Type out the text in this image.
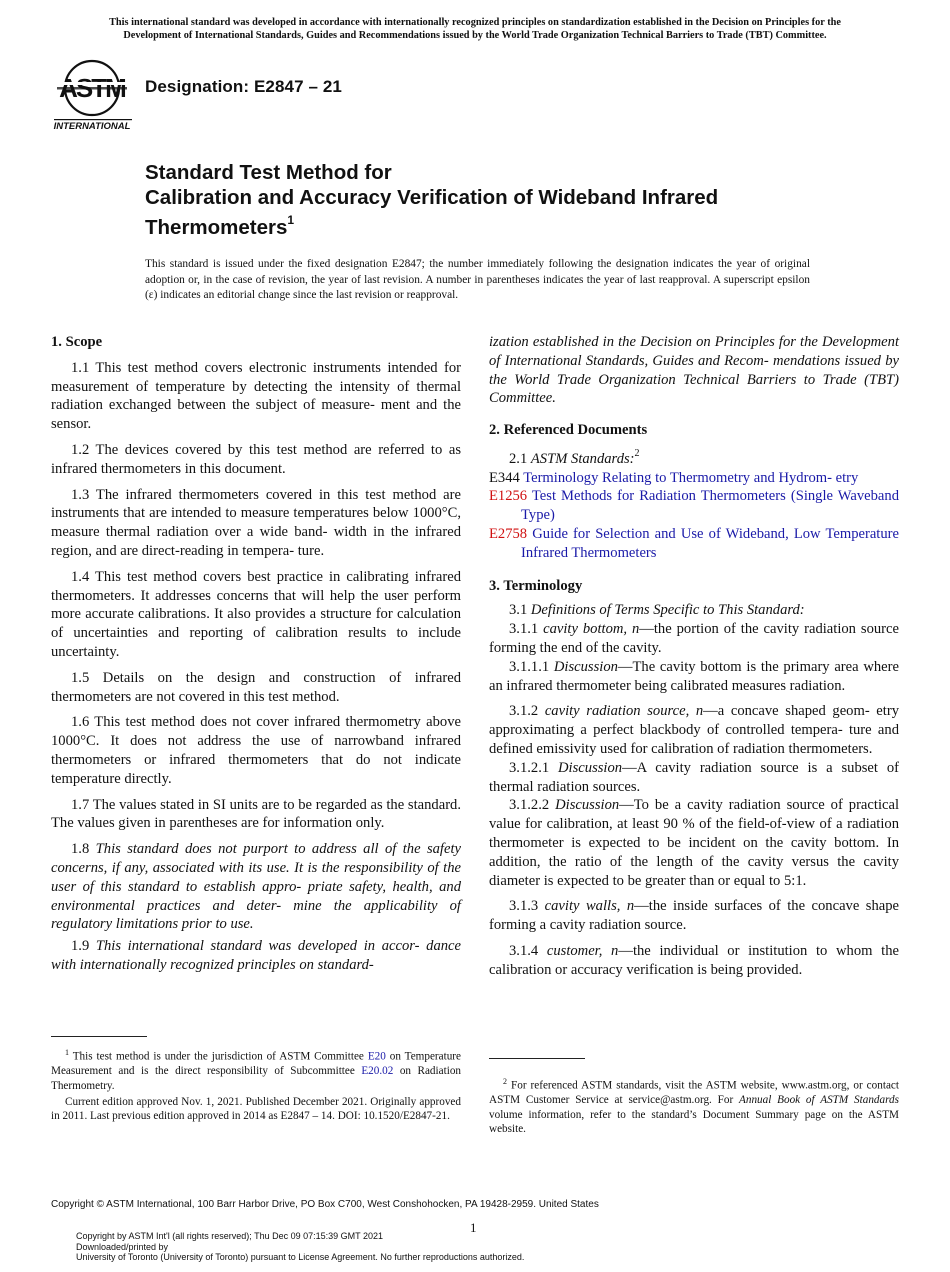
This international standard was developed in accordance with internationally recognized principles on standardization established in the Decision on Principles for the
Development of International Standards, Guides and Recommendations issued by the World Trade Organization Technical Barriers to Trade (TBT) Committee.
INTERNATIONAL
Designation: E2847 – 21
Standard Test Method for
Calibration and Accuracy Verification of Wideband Infrared
Thermometers$^1$
This standard is issued under the fixed designation E2847; the number immediately following the designation indicates the year of original adoption or, in the case of revision, the year of last revision. A number in parentheses indicates the year of last reapproval. A superscript epsilon (ε) indicates an editorial change since the last revision or reapproval.
1. Scope
1.1 This test method covers electronic instruments intended for measurement of temperature by detecting the intensity of thermal radiation exchanged between the subject of measure- ment and the sensor.
1.2 The devices covered by this test method are referred to as infrared thermometers in this document.
1.3 The infrared thermometers covered in this test method are instruments that are intended to measure temperatures below 1000°C, measure thermal radiation over a wide band- width in the infrared region, and are direct-reading in tempera- ture.
1.4 This test method covers best practice in calibrating infrared thermometers. It addresses concerns that will help the user perform more accurate calibrations. It also provides a structure for calculation of uncertainties and reporting of calibration results to include uncertainty.
1.5 Details on the design and construction of infrared thermometers are not covered in this test method.
1.6 This test method does not cover infrared thermometry above 1000°C. It does not address the use of narrowband infrared thermometers or infrared thermometers that do not indicate temperature directly.
1.7 The values stated in SI units are to be regarded as the standard. The values given in parentheses are for information only.
1.8 This standard does not purport to address all of the safety concerns, if any, associated with its use. It is the responsibility of the user of this standard to establish appro- priate safety, health, and environmental practices and deter- mine the applicability of regulatory limitations prior to use.
1.9 This international standard was developed in accor- dance with internationally recognized principles on standard-
$^1$ This test method is under the jurisdiction of ASTM Committee E20 on Temperature Measurement and is the direct responsibility of Subcommittee E20.02 on Radiation Thermometry.
Current edition approved Nov. 1, 2021. Published December 2021. Originally approved in 2011. Last previous edition approved in 2014 as E2847 – 14. DOI: 10.1520/E2847-21.
ization established in the Decision on Principles for the Development of International Standards, Guides and Recom- mendations issued by the World Trade Organization Technical Barriers to Trade (TBT) Committee.
2. Referenced Documents
2.1 ASTM Standards:$^2$
E344 Terminology Relating to Thermometry and Hydrom- etry
E1256 Test Methods for Radiation Thermometers (Single Waveband Type)
E2758 Guide for Selection and Use of Wideband, Low Temperature Infrared Thermometers
3. Terminology
3.1 Definitions of Terms Specific to This Standard:
3.1.1 cavity bottom, n—the portion of the cavity radiation source forming the end of the cavity.
3.1.1.1 Discussion—The cavity bottom is the primary area where an infrared thermometer being calibrated measures radiation.
3.1.2 cavity radiation source, n—a concave shaped geom- etry approximating a perfect blackbody of controlled tempera- ture and defined emissivity used for calibration of radiation thermometers.
3.1.2.1 Discussion—A cavity radiation source is a subset of thermal radiation sources.
3.1.2.2 Discussion—To be a cavity radiation source of practical value for calibration, at least 90 % of the field-of-view of a radiation thermometer is expected to be incident on the cavity bottom. In addition, the ratio of the length of the cavity versus the cavity diameter is expected to be greater than or equal to 5:1.
3.1.3 cavity walls, n—the inside surfaces of the concave shape forming a cavity radiation source.
3.1.4 customer, n—the individual or institution to whom the calibration or accuracy verification is being provided.
$^2$ For referenced ASTM standards, visit the ASTM website, www.astm.org, or contact ASTM Customer Service at service@astm.org. For Annual Book of ASTM Standards volume information, refer to the standard’s Document Summary page on the ASTM website.
Copyright © ASTM International, 100 Barr Harbor Drive, PO Box C700, West Conshohocken, PA 19428-2959. United States
1
Copyright by ASTM Int'l (all rights reserved); Thu Dec 09 07:15:39 GMT 2021
Downloaded/printed by
University of Toronto (University of Toronto) pursuant to License Agreement. No further reproductions authorized.
